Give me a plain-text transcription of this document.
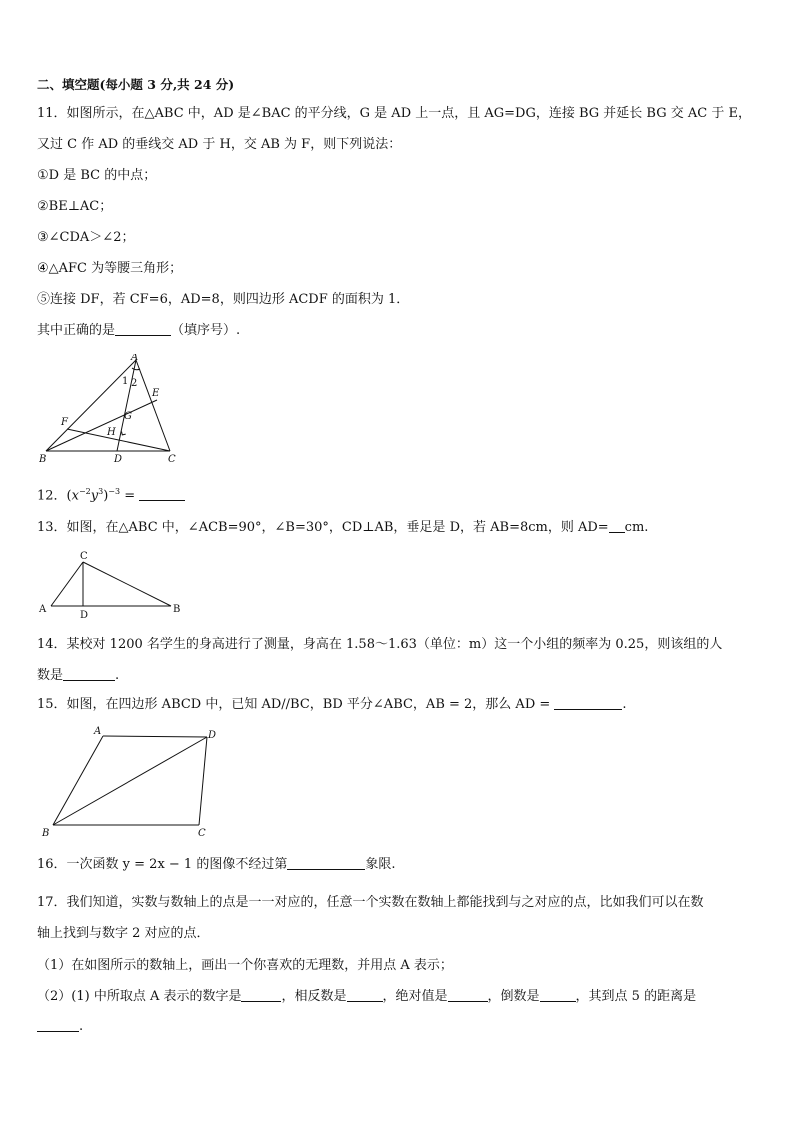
二、填空题(每小题 3 分,共 24 分)
11．如图所示，在△ABC 中，AD 是∠BAC 的平分线，G 是 AD 上一点，且 AG=DG，连接 BG 并延长 BG 交 AC 于 E，
又过 C 作 AD 的垂线交 AD 于 H，交 AB 为 F，则下列说法：
①D 是 BC 的中点；
②BE⊥AC；
③∠CDA＞∠2；
④△AFC 为等腰三角形；
⑤连接 DF，若 CF=6，AD=8，则四边形 ACDF 的面积为 1．
其中正确的是	（填序号）.
A
B	C
D
E
F
G
H
1 2
12．$(x^{-2}y^3)^{-3}$ =
13．如图，在△ABC 中，∠ACB=90°，∠B=30°，CD⊥AB，垂足是 D，若 AB=8cm，则 AD= cm.
C
A	B
D
14．某校对 1200 名学生的身高进行了测量，身高在 1.58～1.63（单位：m）这一个小组的频率为 0.25，则该组的人
数是	.
15．如图，在四边形 ABCD 中，已知 AD//BC，BD 平分∠ABC，AB = 2，那么 AD =	.
A	D
B	C
16．一次函数 y = 2x − 1 的图像不经过第	象限.
17．我们知道，实数与数轴上的点是一一对应的，任意一个实数在数轴上都能找到与之对应的点，比如我们可以在数
轴上找到与数字 2 对应的点．
（1）在如图所示的数轴上，画出一个你喜欢的无理数，并用点 A 表示；
（2）(1) 中所取点 A 表示的数字是	，相反数是	，绝对值是	，倒数是	，其到点 5 的距离是
.
